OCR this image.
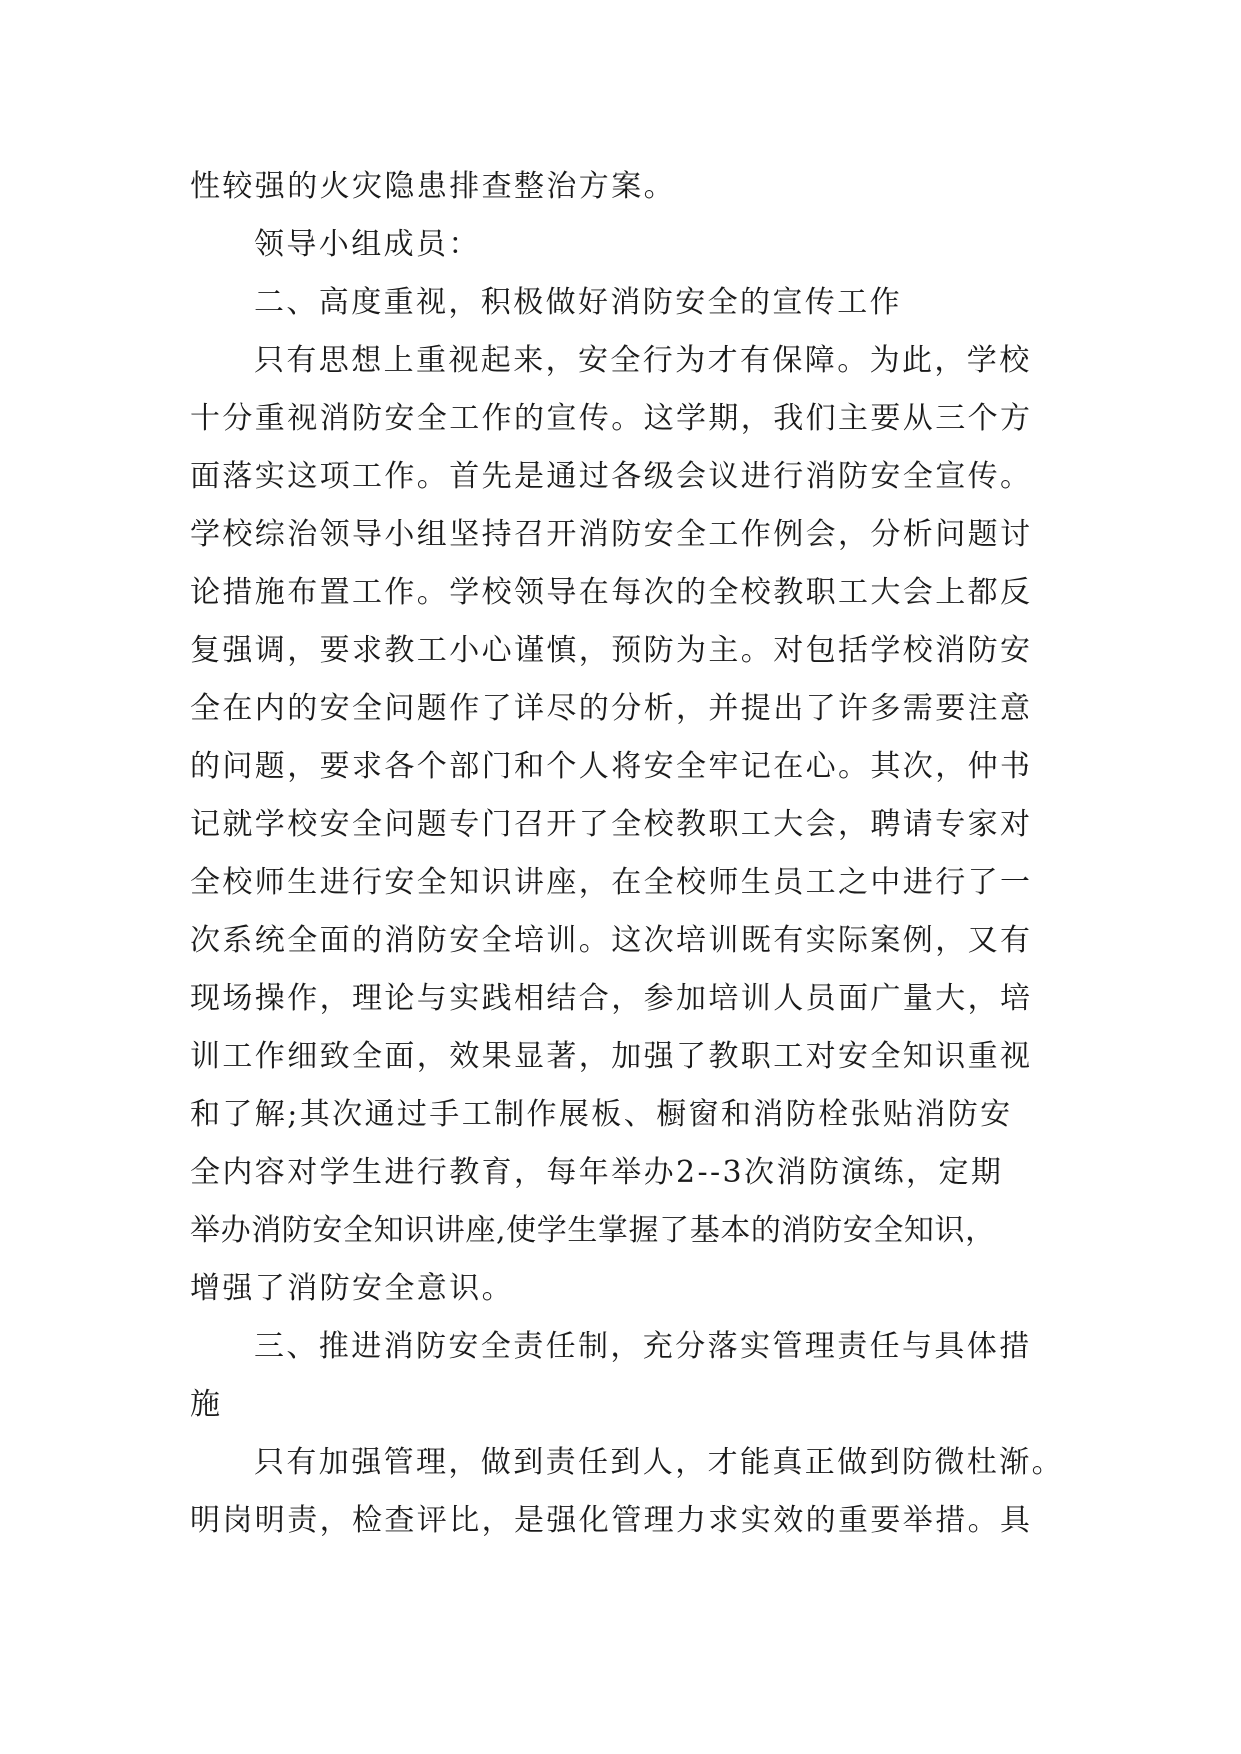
性较强的火灾隐患排查整治方案。

领导小组成员：

二、高度重视，积极做好消防安全的宣传工作

只有思想上重视起来，安全行为才有保障。为此，学校

十分重视消防安全工作的宣传。这学期，我们主要从三个方

面落实这项工作。首先是通过各级会议进行消防安全宣传。

学校综治领导小组坚持召开消防安全工作例会，分析问题讨

论措施布置工作。学校领导在每次的全校教职工大会上都反

复强调，要求教工小心谨慎，预防为主。对包括学校消防安

全在内的安全问题作了详尽的分析，并提出了许多需要注意

的问题，要求各个部门和个人将安全牢记在心。其次，仲书

记就学校安全问题专门召开了全校教职工大会，聘请专家对

全校师生进行安全知识讲座，在全校师生员工之中进行了一

次系统全面的消防安全培训。这次培训既有实际案例，又有

现场操作，理论与实践相结合，参加培训人员面广量大，培

训工作细致全面，效果显著，加强了教职工对安全知识重视

和了解;其次通过手工制作展板、橱窗和消防栓张贴消防安

全内容对学生进行教育，每年举办2--3次消防演练，定期

举办消防安全知识讲座,使学生掌握了基本的消防安全知识，

增强了消防安全意识。

三、推进消防安全责任制，充分落实管理责任与具体措

施

只有加强管理，做到责任到人，才能真正做到防微杜渐。

明岗明责，检查评比，是强化管理力求实效的重要举措。具
